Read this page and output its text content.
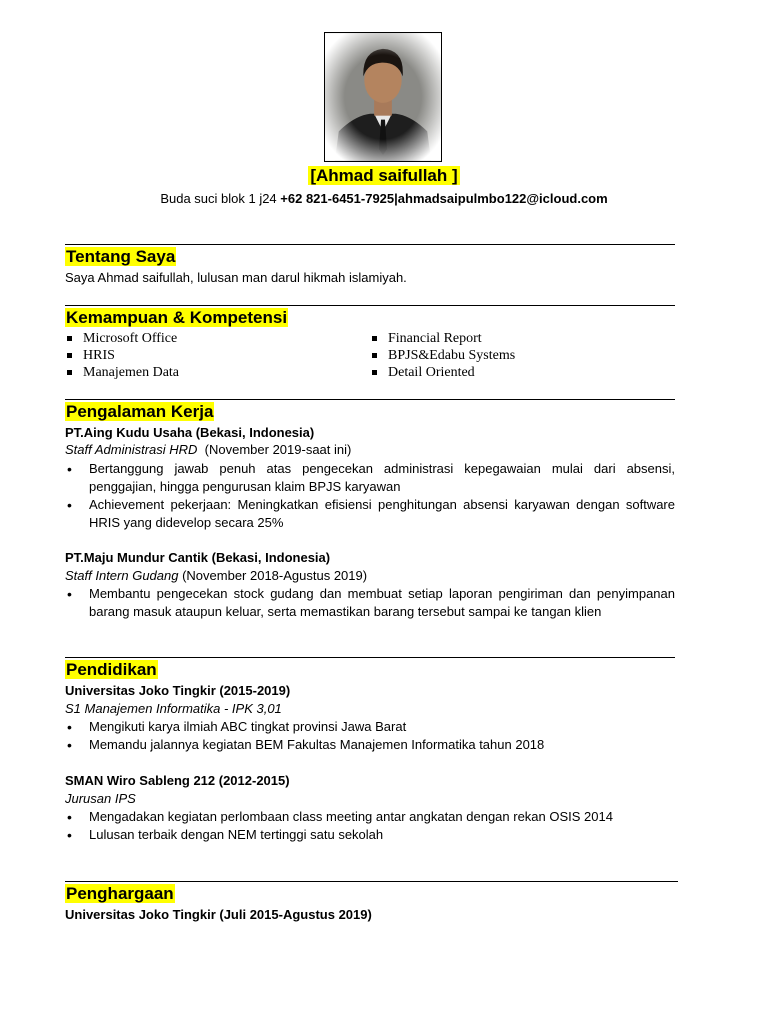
[Ahmad saifullah ]
Buda suci blok 1 j24 +62 821-6451-7925|ahmadsaipulmbo122@icloud.com
Tentang Saya
Saya Ahmad saifullah, lulusan man darul hikmah islamiyah.
Kemampuan & Kompetensi
Microsoft Office
HRIS
Manajemen Data
Financial Report
BPJS&Edabu Systems
Detail Oriented
Pengalaman Kerja
PT.Aing Kudu Usaha (Bekasi, Indonesia)
Staff Administrasi HRD  (November 2019-saat ini)
• Bertanggung jawab penuh atas pengecekan administrasi kepegawaian mulai dari absensi, penggajian, hingga pengurusan klaim BPJS karyawan
• Achievement pekerjaan: Meningkatkan efisiensi penghitungan absensi karyawan dengan software HRIS yang didevelop secara 25%
PT.Maju Mundur Cantik (Bekasi, Indonesia)
Staff Intern Gudang (November 2018-Agustus 2019)
• Membantu pengecekan stock gudang dan membuat setiap laporan pengiriman dan penyimpanan barang masuk ataupun keluar, serta memastikan barang tersebut sampai ke tangan klien
Pendidikan
Universitas Joko Tingkir (2015-2019)
S1 Manajemen Informatika - IPK 3,01
• Mengikuti karya ilmiah ABC tingkat provinsi Jawa Barat
• Memandu jalannya kegiatan BEM Fakultas Manajemen Informatika tahun 2018
SMAN Wiro Sableng 212 (2012-2015)
Jurusan IPS
• Mengadakan kegiatan perlombaan class meeting antar angkatan dengan rekan OSIS 2014
• Lulusan terbaik dengan NEM tertinggi satu sekolah
Penghargaan
Universitas Joko Tingkir (Juli 2015-Agustus 2019)
